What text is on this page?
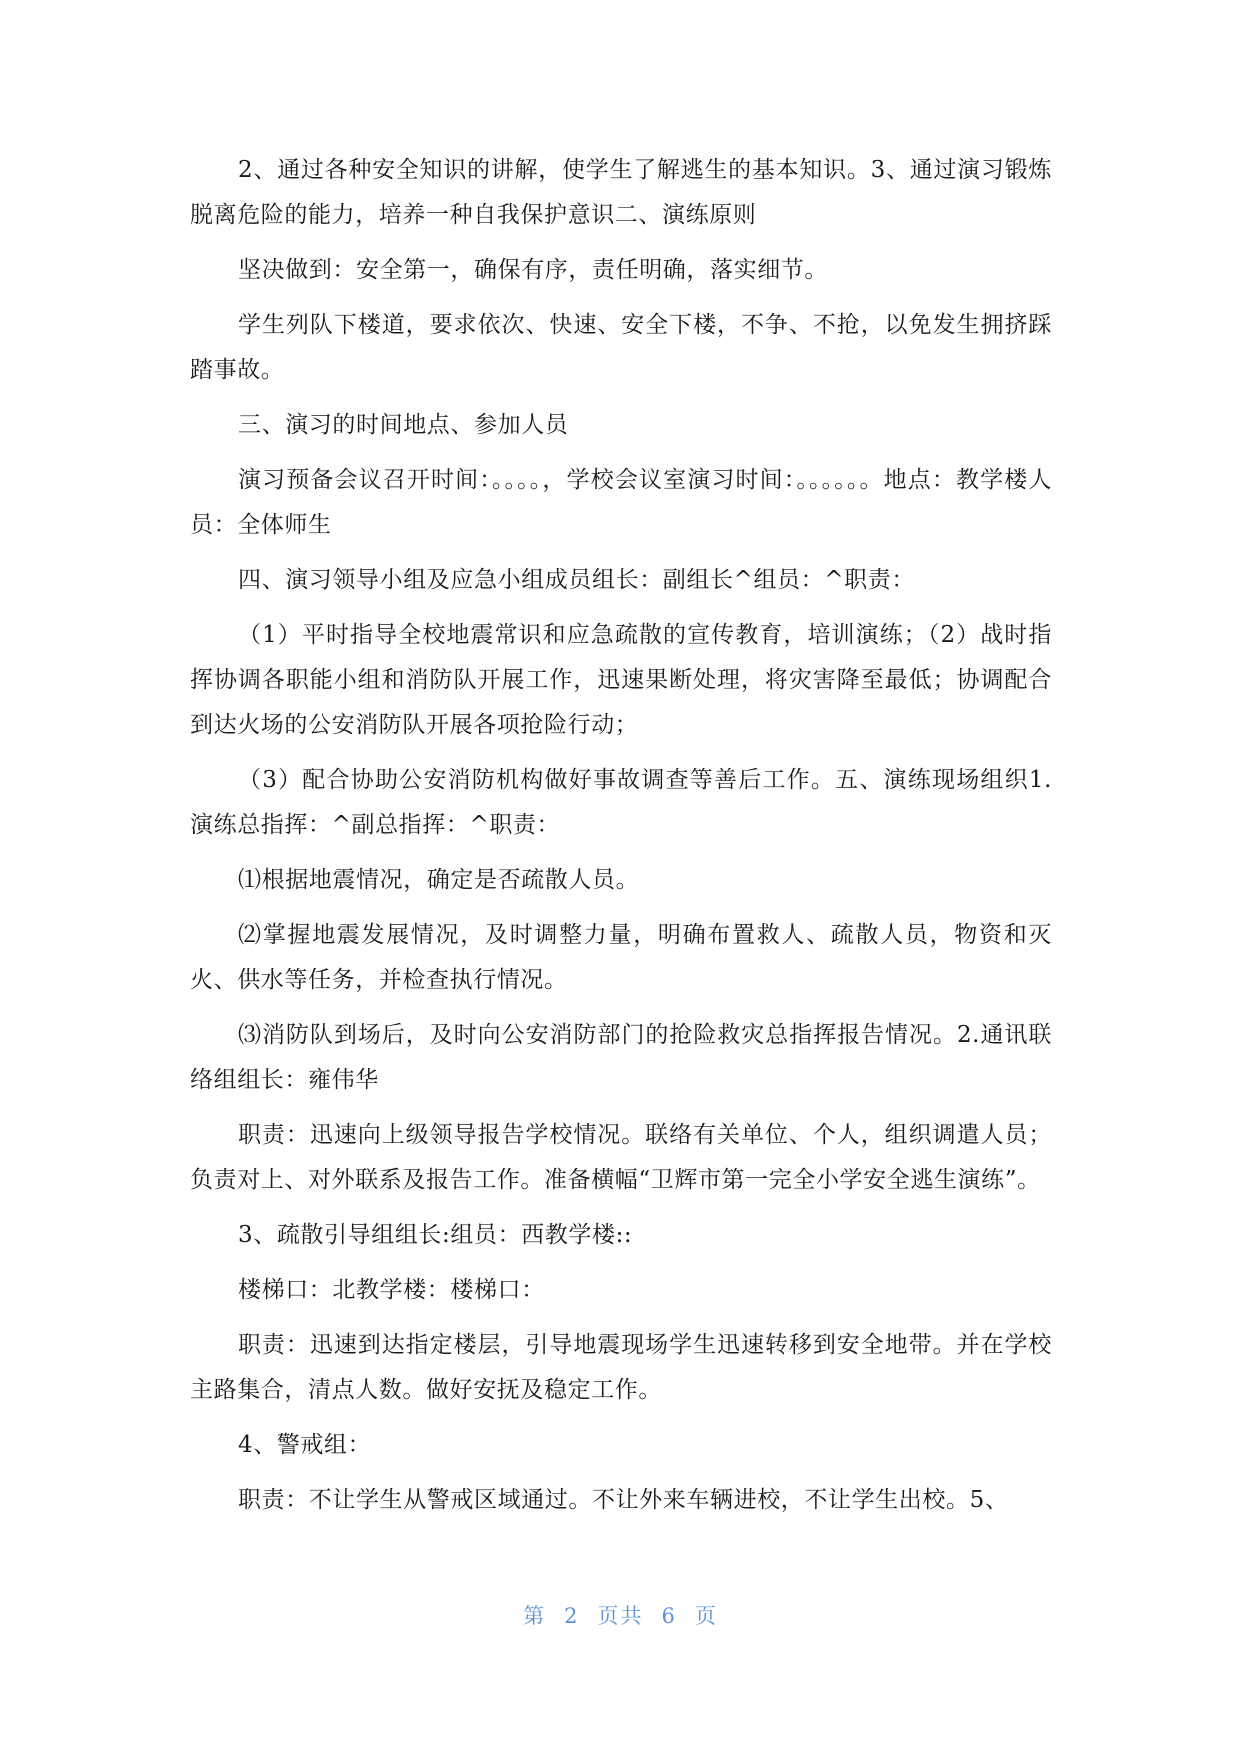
2、通过各种安全知识的讲解，使学生了解逃生的基本知识。3、通过演习锻炼脱离危险的能力，培养一种自我保护意识二、演练原则

坚决做到：安全第一，确保有序，责任明确，落实细节。

学生列队下楼道，要求依次、快速、安全下楼，不争、不抢，以免发生拥挤踩踏事故。

三、演习的时间地点、参加人员

演习预备会议召开时间：。。。。，学校会议室演习时间：。。。。。。地点：教学楼人员：全体师生

四、演习领导小组及应急小组成员组长：副组长^组员：^职责：

（1）平时指导全校地震常识和应急疏散的宣传教育，培训演练；（2）战时指挥协调各职能小组和消防队开展工作，迅速果断处理，将灾害降至最低；协调配合到达火场的公安消防队开展各项抢险行动；

（3）配合协助公安消防机构做好事故调查等善后工作。五、演练现场组织1.演练总指挥：^副总指挥：^职责：

⑴根据地震情况，确定是否疏散人员。

⑵掌握地震发展情况，及时调整力量，明确布置救人、疏散人员，物资和灭火、供水等任务，并检查执行情况。

⑶消防队到场后，及时向公安消防部门的抢险救灾总指挥报告情况。2.通讯联络组组长：雍伟华

职责：迅速向上级领导报告学校情况。联络有关单位、个人，组织调遣人员；负责对上、对外联系及报告工作。准备横幅“卫辉市第一完全小学安全逃生演练”。

3、疏散引导组组长:组员：西教学楼::

楼梯口：北教学楼：楼梯口：

职责：迅速到达指定楼层，引导地震现场学生迅速转移到安全地带。并在学校主路集合，清点人数。做好安抚及稳定工作。

4、警戒组：

职责：不让学生从警戒区域通过。不让外来车辆进校，不让学生出校。5、

第 2 页共 6 页
